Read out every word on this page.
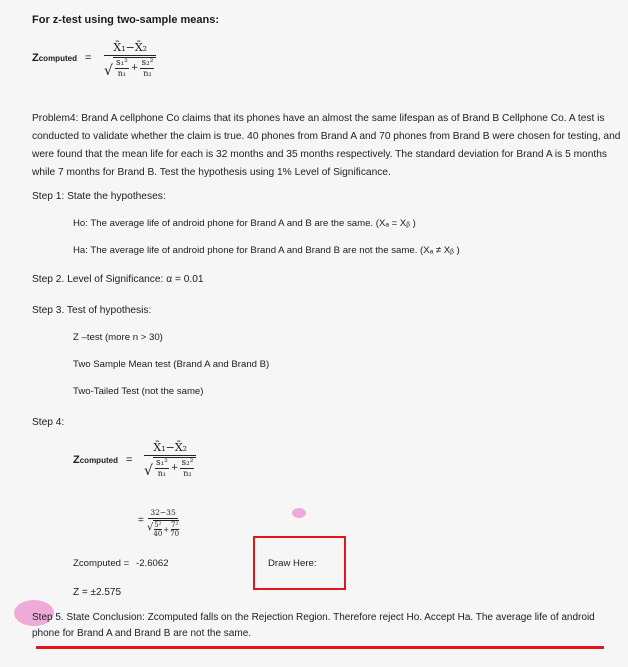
For z-test using two-sample means:
Zcomputed =
X̄₁−X̄₂
√ s₁²
n₁
+ s₂²
n₂
Problem4: Brand A cellphone Co claims that its phones have an almost the same lifespan as of Brand B Cellphone Co. A test is conducted to validate whether the claim is true. 40 phones from Brand A and 70 phones from Brand B were chosen for testing, and were found that the mean life for each is 32 months and 35 months respectively. The standard deviation for Brand A is 5 months while 7 months for Brand B. Test the hypothesis using 1% Level of Significance.
Step 1: State the hypotheses:
Ho: The average life of android phone for Brand A and B are the same. (Xₐ = Xᵦ )
Ha: The average life of android phone for Brand A and Brand B are not the same. (Xₐ ≠ Xᵦ )
Step 2. Level of Significance: α = 0.01
Step 3. Test of hypothesis:
Z –test (more n > 30)
Two Sample Mean test (Brand A and Brand B)
Two-Tailed Test (not the same)
Step 4:
Zcomputed =
X̄₁−X̄₂
√ s₁²
n₁
+ s₂²
n₂
=
32−35
√ 5²
40
+
7²
70
Zcomputed = -2.6062
Z = ±2.575
Draw Here:
Step 5. State Conclusion: Zcomputed falls on the Rejection Region. Therefore reject Ho. Accept Ha. The average life of android phone for Brand A and Brand B are not the same.
